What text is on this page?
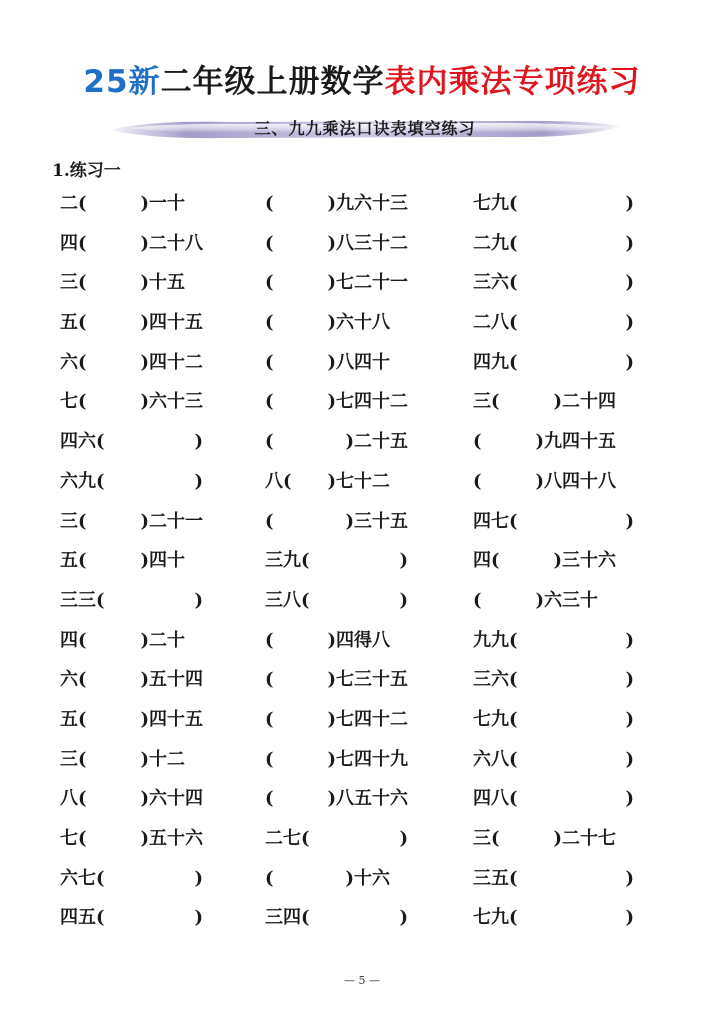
25新二年级上册数学表内乘法专项练习
三、九九乘法口诀表填空练习
1.练习一
二(　　　)一十	(　　　)九六十三	七九(　　　　　　)
四(　　　)二十八	(　　　)八三十二	二九(　　　　　　)
三(　　　)十五	(　　　)七二十一	三六(　　　　　　)
五(　　　)四十五	(　　　)六十八	二八(　　　　　　)
六(　　　)四十二	(　　　)八四十	四九(　　　　　　)
七(　　　)六十三	(　　　)七四十二	三(　　　)二十四
四六(　　　　　)	(　　　　)二十五	(　　　)九四十五
六九(　　　　　)	八(　　)七十二	(　　　)八四十八
三(　　　)二十一	(　　　　)三十五	四七(　　　　　　)
五(　　　)四十	三九(　　　　　)	四(　　　)三十六
三三(　　　　　)	三八(　　　　　)	(　　　)六三十
四(　　　)二十	(　　　)四得八	九九(　　　　　　)
六(　　　)五十四	(　　　)七三十五	三六(　　　　　　)
五(　　　)四十五	(　　　)七四十二	七九(　　　　　　)
三(　　　)十二	(　　　)七四十九	六八(　　　　　　)
八(　　　)六十四	(　　　)八五十六	四八(　　　　　　)
七(　　　)五十六	二七(　　　　　)	三(　　　)二十七
六七(　　　　　)	(　　　　)十六	三五(　　　　　　)
四五(　　　　　)	三四(　　　　　)	七九(　　　　　　)
— 5 —
